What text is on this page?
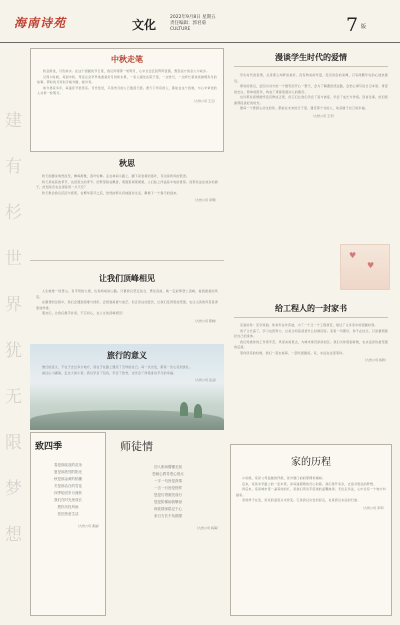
海南诗苑	文化
2022年9月8日 星期五
责任编辑：郭君菊
CULTURE	7 版
建
有
杉
世
界
犹
无
限
梦
想
中秋走笔

秋意渐浓，月色如水。在这个团圆的节日里，我们仰望那一轮明月，心中总会泛起阵阵涟漪，想起远方的亲人与故乡。

记得小时候，每到中秋，母亲总会早早地准备好月饼和水果，一家人围坐在院子里，一边赏月，一边听长辈讲述嫦娥奔月的故事。那时的月亮似乎格外圆，格外亮。

如今离家多年，每逢佳节倍思亲。月光依旧，只是赏月的人已散落天涯。愿天下所有的人，都能在这个夜晚，与心中牵挂的人共享一轮明月。

（九州公司 王云）
秋思

秋天的脚步悄然而至，蝉鸣渐歇，落叶轻舞。走在林间小路上，脚下是金黄的落叶，耳边是秋风的低语。

秋天是收获的季节，也是思念的季节。田野里稻谷飘香，果园里硕果累累，人们脸上洋溢着丰收的喜悦。而那些远在他乡的游子，此刻是否也在望着同一片天空？

秋天教会我们沉淀与感恩，在繁华落尽之后，依然能够从容地面对生活，静候下一个春天的到来。

（九州公司 李明）
让我们顶峰相见

人生就像一场登山，有平坦的大道，也有崎岖的山路。只要我们坚定信念，勇往直前，就一定能够登上顶峰，看到最美的风景。

在攀登的过程中，我们会遇到困难与挫折，会感到疲惫与迷茫。但正是这些经历，让我们变得更加坚强，也让山顶的风景显得更加珍贵。

朋友们，让我们携手并肩，不忘初心，在人生的顶峰相见！

（九州公司 陈晓）
旅行的意义

旅行的意义，不在于去过多少地方，而在于在路上遇见了怎样的自己。每一次出发，都是一次心灵的洗礼。

看过山川湖海，走过大街小巷，我们学会了包容，学会了欣赏，也学会了珍惜身边平凡的幸福。

（九州公司 张远）
致四季

春是那绽放的花朵

夏是那热烈的阳光

秋是那金黄的稻穗

冬是那洁白的雪花

四季轮回岁月流转

我们在时光里成长

愿你历经风雨

依旧热爱生活

（九州公司 黄丽）
师徒情

初入职场懵懂无知

您耐心教导悉心指点

一字一句皆是真情

一言一行皆是榜样

您是灯塔照亮前行

您是阶梯助我攀登

师徒情深铭记于心

来日方长不负期望

（九州公司 杨海）
漫谈学生时代的爱情

学生时代的爱情，总是那么纯粹而美好。没有物质的考量，没有世俗的束缚，只有两颗年轻的心彼此靠近。

那时的我们，会因为对方的一个微笑而开心一整天，会为了偶遇而绕远路，会把心事写进日记本里。青涩的告白，简单的陪伴，构成了青春里最动人的篇章。

也许那些感情最终没有修成正果，但它们让我们学会了爱与被爱，学会了成长与珍惜。回首往事，依旧感谢那段美好的时光。

愿每一个曾经心动过的你，都能在未来的日子里，遇见那个对的人，收获属于自己的幸福。

♥
♥
（九州公司 王芳）
给工程人的一封家书

亲爱的你：见字如面。你常年在外奔波，为了一个又一个工程项目，错过了太多家中的团圆时刻。

孩子又长高了，学习也很努力，总是念叨着爸爸什么时候回家。家里一切都好，你不必挂念，只是要照顾好自己的身体。

我们知道你的工作很辛苦，风里来雨里去，为城市建设添砖加瓦。我们为你感到骄傲，也永远是你最坚强的后盾。

等你回家的时候，我们一起去看海，一起吃团圆饭。家，永远在这里等你。

（九州公司 杨秋）
家的历程

小时候，家是父母温暖的怀抱，是外婆门前的那棵老槐树。

后来，家是求学路上的一张车票，是每逢假期的归心似箭。我们离开家乡，去追寻更远的梦想。

再后来，家是城市里一盏等待的灯，是我们用双手搭建的温馨港湾。无论走多远，心中总有一个地方叫做家。

家的样子在变，但家的温度从未改变。它是我们出发的起点，也是我们永远的归途。

（九州公司 李军）
